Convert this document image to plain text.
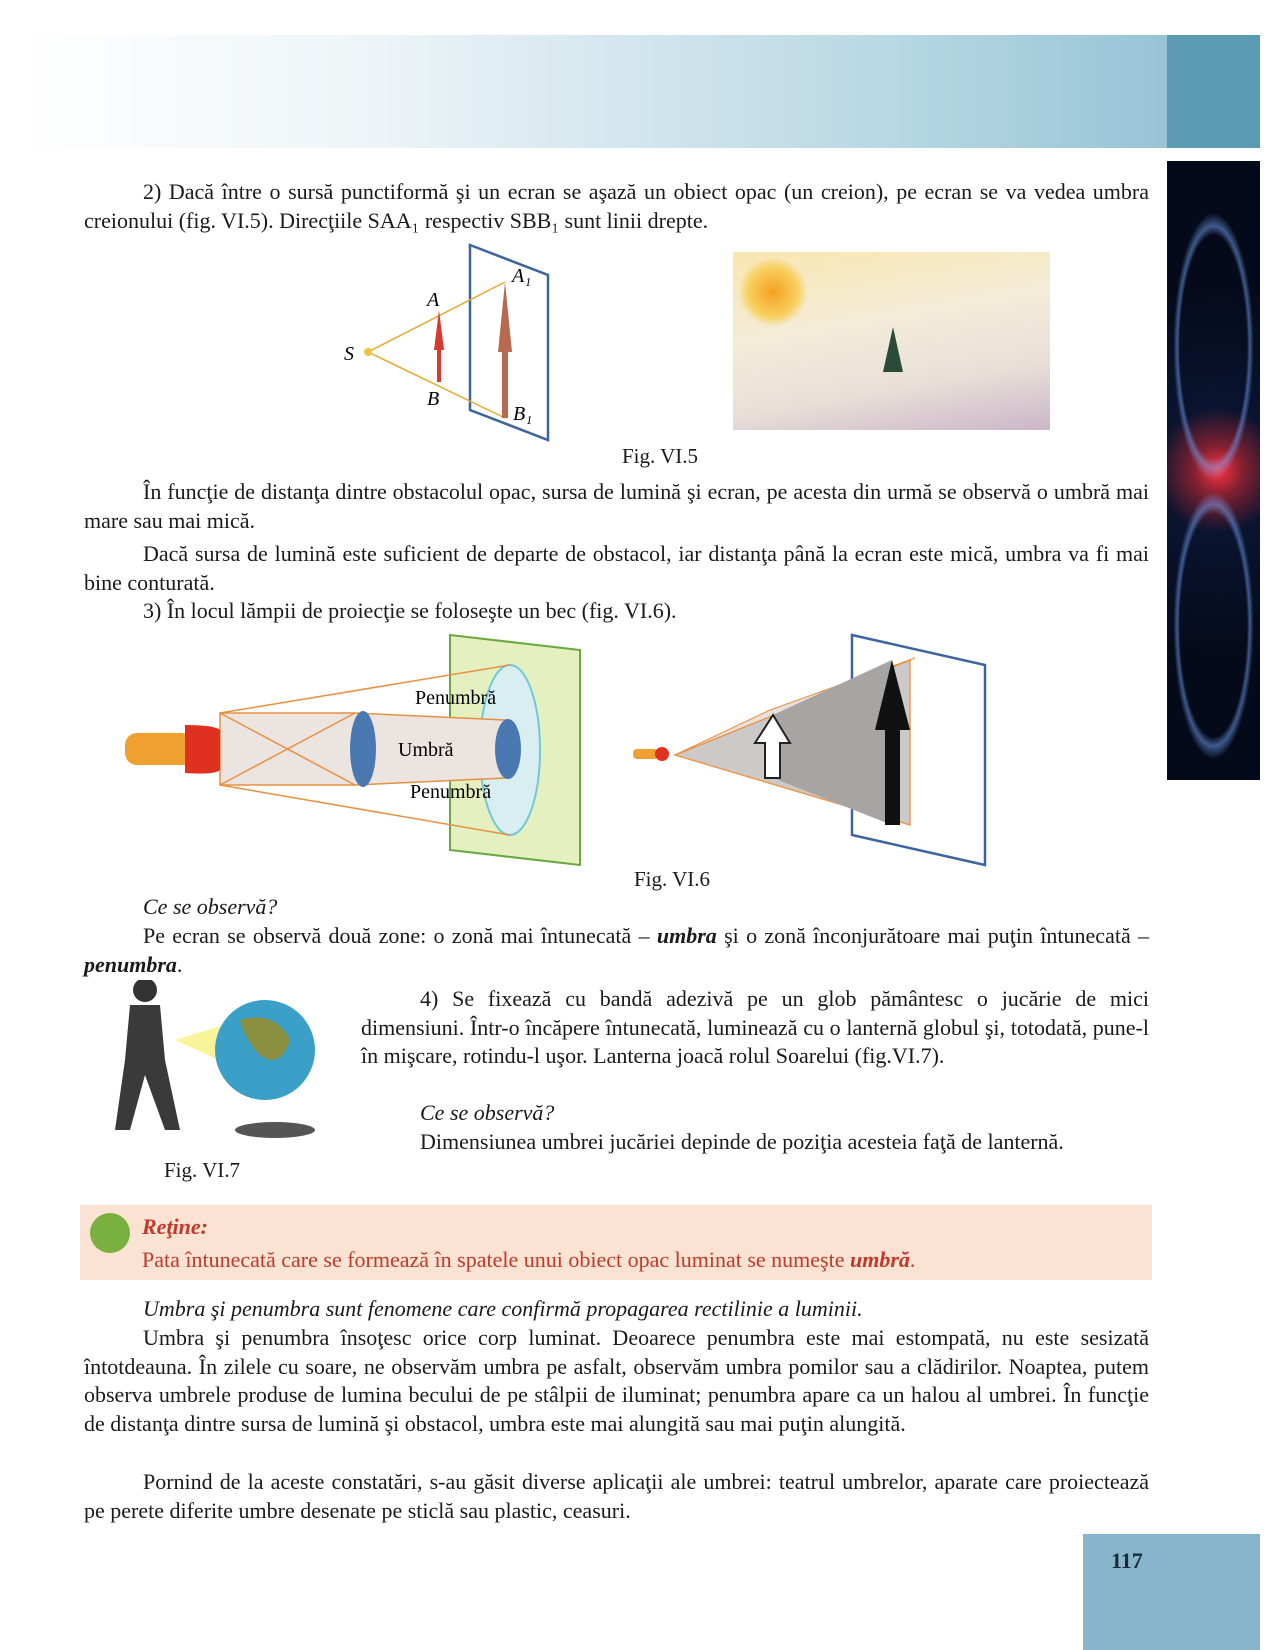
2) Dacă între o sursă punctiformă şi un ecran se aşază un obiect opac (un creion), pe ecran se va vedea umbra creionului (fig. VI.5). Direcţiile SAA₁ respectiv SBB₁ sunt linii drepte.

S
A
B
A₁
B₁
Fig. VI.5

În funcţie de distanţa dintre obstacolul opac, sursa de lumină şi ecran, pe acesta din urmă se observă o umbră mai mare sau mai mică.

Dacă sursa de lumină este suficient de departe de obstacol, iar distanţa până la ecran este mică, umbra va fi mai bine conturată.

3) În locul lămpii de proiecţie se foloseşte un bec (fig. VI.6).

Penumbră
Umbră
Penumbră
Fig. VI.6

Ce se observă?

Pe ecran se observă două zone: o zonă mai întunecată – umbra şi o zonă înconjurătoare mai puţin întunecată – penumbra.

Fig. VI.7

4) Se fixează cu bandă adezivă pe un glob pământesc o jucărie de mici dimensiuni. Într-o încăpere întunecată, luminează cu o lanternă globul şi, totodată, pune-l în mişcare, rotindu-l uşor. Lanterna joacă rolul Soarelui (fig.VI.7).

Ce se observă?

Dimensiunea umbrei jucăriei depinde de poziţia acesteia faţă de lanternă.

Reţine:
Pata întunecată care se formează în spatele unui obiect opac luminat se numeşte umbră.

Umbra şi penumbra sunt fenomene care confirmă propagarea rectilinie a luminii.

Umbra şi penumbra însoţesc orice corp luminat. Deoarece penumbra este mai estompată, nu este sesizată întotdeauna. În zilele cu soare, ne observăm umbra pe asfalt, observăm umbra pomilor sau a clădirilor. Noaptea, putem observa umbrele produse de lumina becului de pe stâlpii de iluminat; penumbra apare ca un halou al umbrei. În funcţie de distanţa dintre sursa de lumină şi obstacol, umbra este mai alungită sau mai puţin alungită.

Pornind de la aceste constatări, s-au găsit diverse aplicaţii ale umbrei: teatrul umbrelor, aparate care proiectează pe perete diferite umbre desenate pe sticlă sau plastic, ceasuri.

117
